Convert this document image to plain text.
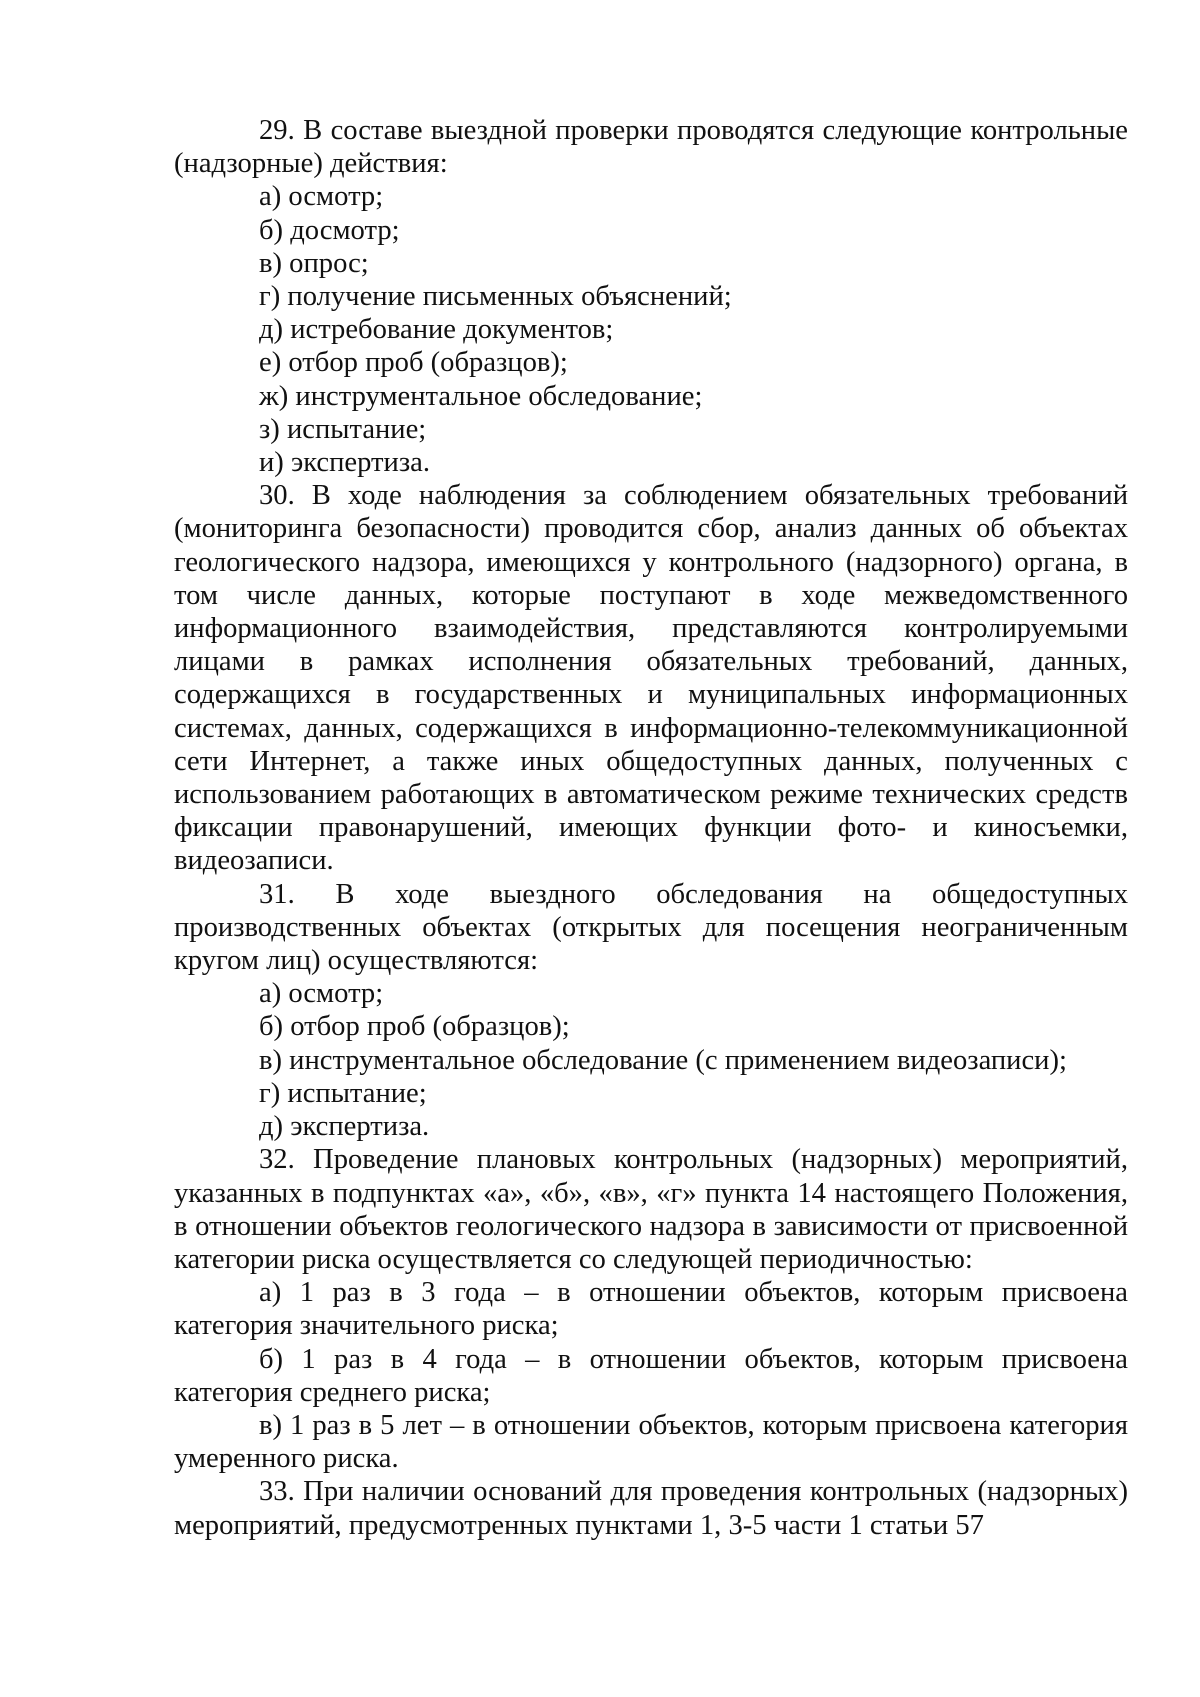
29. В составе выездной проверки проводятся следующие контрольные (надзорные) действия:

а) осмотр;

б) досмотр;

в) опрос;

г) получение письменных объяснений;

д) истребование документов;

е) отбор проб (образцов);

ж) инструментальное обследование;

з) испытание;

и) экспертиза.

30. В ходе наблюдения за соблюдением обязательных требований (мониторинга безопасности) проводится сбор, анализ данных об объектах геологического надзора, имеющихся у контрольного (надзорного) органа, в том числе данных, которые поступают в ходе межведомственного информационного взаимодействия, представляются контролируемыми лицами в рамках исполнения обязательных требований, данных, содержащихся в государственных и муниципальных информационных системах, данных, содержащихся в информационно-телекоммуникационной сети Интернет, а также иных общедоступных данных, полученных с использованием работающих в автоматическом режиме технических средств фиксации правонарушений, имеющих функции фото- и киносъемки, видеозаписи.

31. В ходе выездного обследования на общедоступных производственных объектах (открытых для посещения неограниченным кругом лиц) осуществляются:

а) осмотр;

б) отбор проб (образцов);

в) инструментальное обследование (с применением видеозаписи);

г) испытание;

д) экспертиза.

32. Проведение плановых контрольных (надзорных) мероприятий, указанных в подпунктах «а», «б», «в», «г» пункта 14 настоящего Положения, в отношении объектов геологического надзора в зависимости от присвоенной категории риска осуществляется со следующей периодичностью:

а) 1 раз в 3 года – в отношении объектов, которым присвоена категория значительного риска;

б) 1 раз в 4 года – в отношении объектов, которым присвоена категория среднего риска;

в) 1 раз в 5 лет – в отношении объектов, которым присвоена категория умеренного риска.

33. При наличии оснований для проведения контрольных (надзорных) мероприятий, предусмотренных пунктами 1, 3-5 части 1 статьи 57
